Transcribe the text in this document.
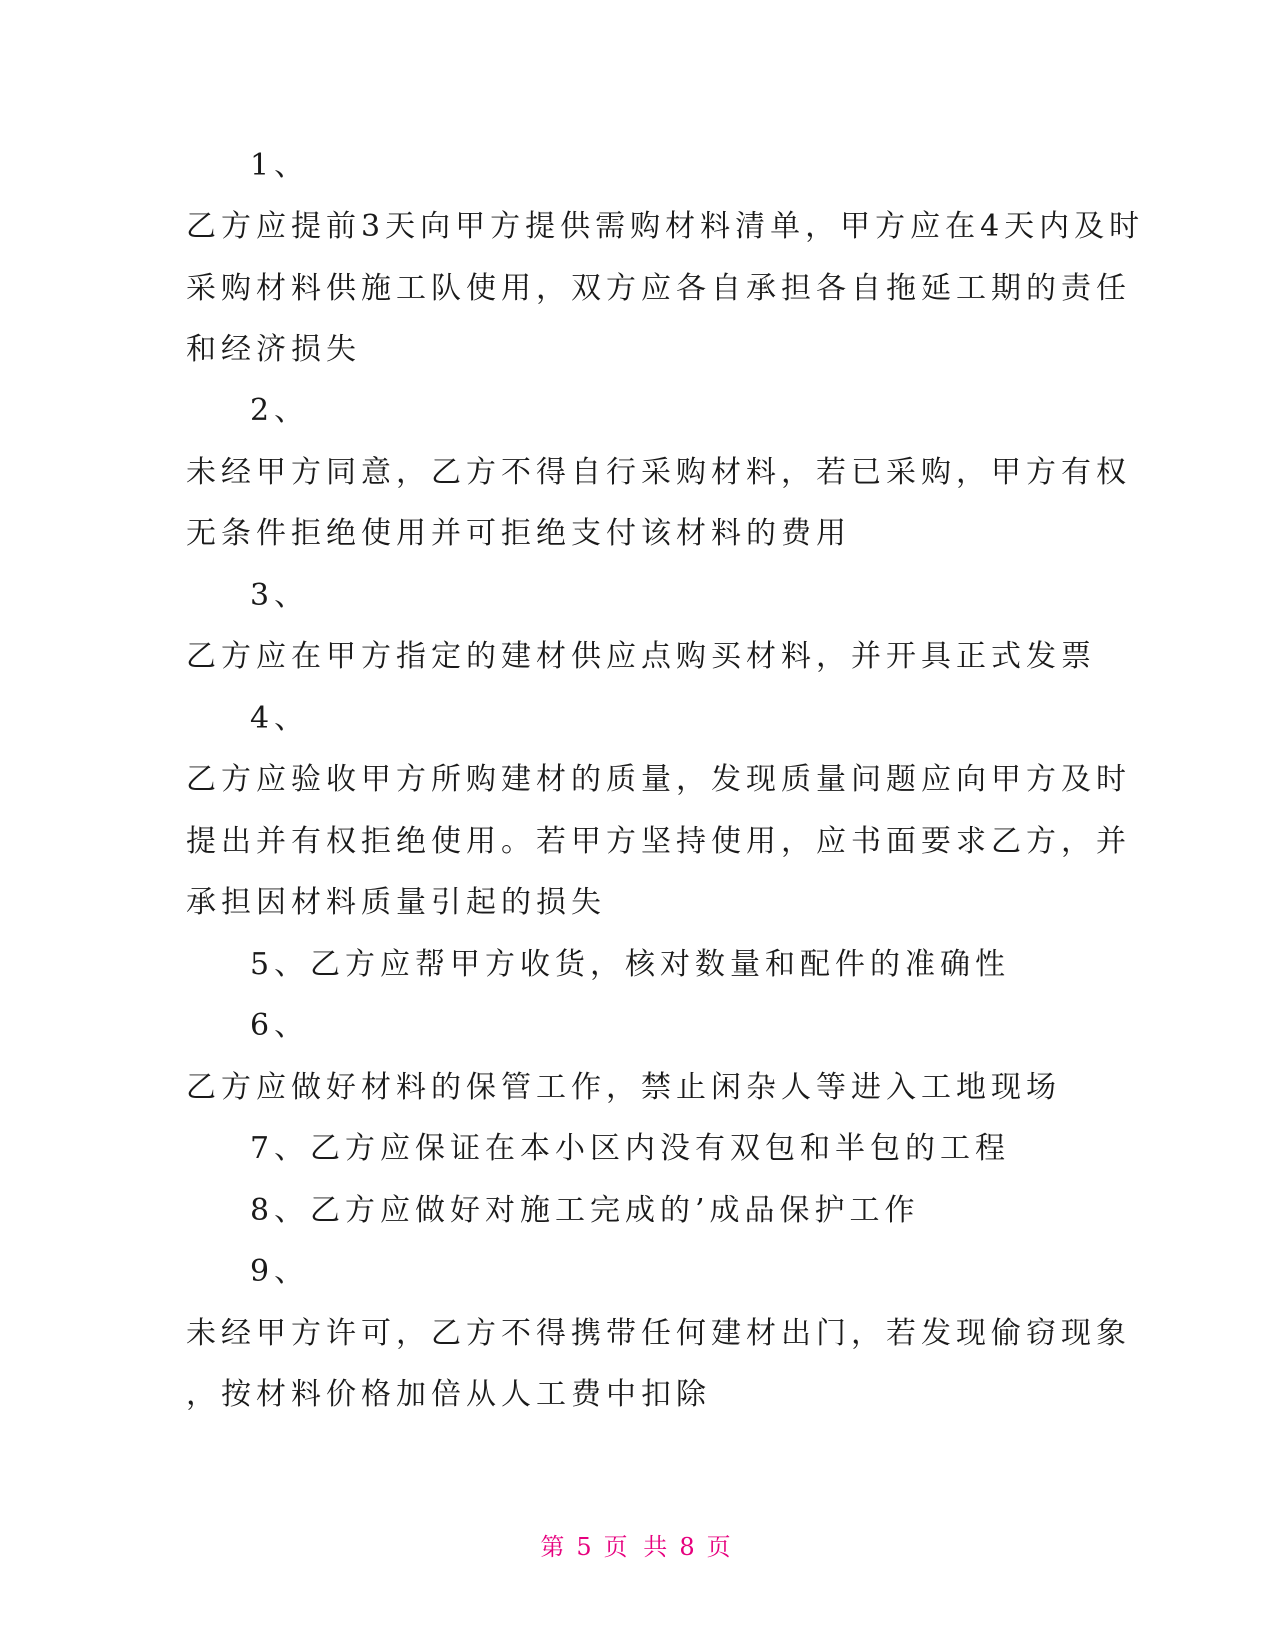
1、
乙方应提前3天向甲方提供需购材料清单，甲方应在4天内及时
采购材料供施工队使用，双方应各自承担各自拖延工期的责任
和经济损失
2、
未经甲方同意，乙方不得自行采购材料，若已采购，甲方有权
无条件拒绝使用并可拒绝支付该材料的费用
3、
乙方应在甲方指定的建材供应点购买材料，并开具正式发票
4、
乙方应验收甲方所购建材的质量，发现质量问题应向甲方及时
提出并有权拒绝使用。若甲方坚持使用，应书面要求乙方，并
承担因材料质量引起的损失
5、 乙方应帮甲方收货，核对数量和配件的准确性
6、
乙方应做好材料的保管工作，禁止闲杂人等进入工地现场
7、 乙方应保证在本小区内没有双包和半包的工程
8、 乙方应做好对施工完成的’成品保护工作
9、
未经甲方许可，乙方不得携带任何建材出门，若发现偷窃现象
，按材料价格加倍从人工费中扣除
第 5 页 共 8 页
